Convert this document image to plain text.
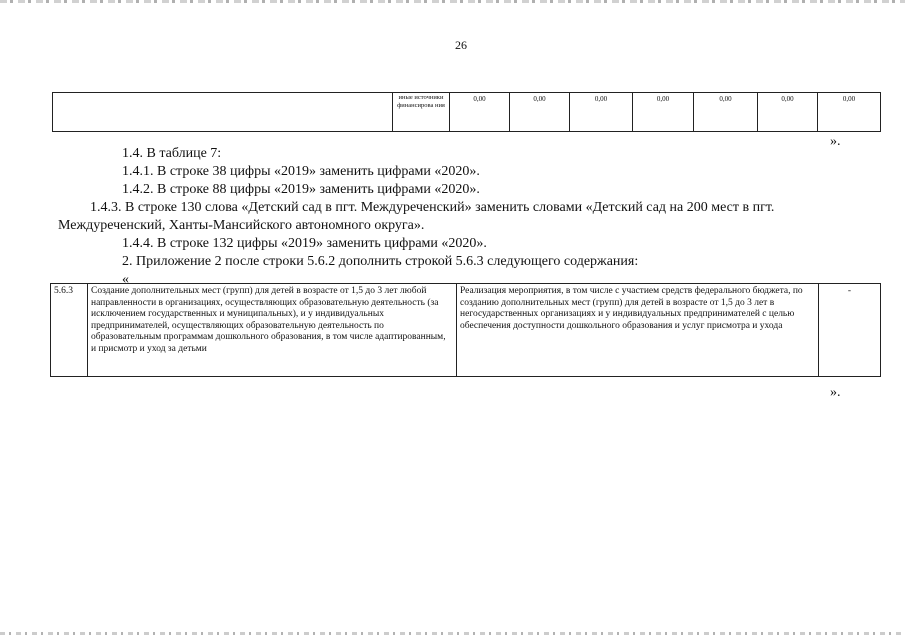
26
	иные источники финансирова ния	0,00	0,00	0,00	0,00	0,00	0,00	0,00
».

1.4. В таблице 7:

1.4.1. В строке 38 цифры «2019» заменить цифрами «2020».

1.4.2. В строке 88 цифры «2019» заменить цифрами «2020».

1.4.3. В строке 130 слова «Детский сад в пгт. Междуреченский» заменить словами «Детский сад на 200 мест в пгт. Междуреченский, Ханты-Мансийского автономного округа».

1.4.4. В строке 132 цифры «2019» заменить цифрами «2020».

2. Приложение 2 после строки 5.6.2 дополнить строкой 5.6.3 следующего содержания:

«

5.6.3	Создание дополнительных мест (групп) для детей в возрасте от 1,5 до 3 лет любой направленности в организациях, осуществляющих образовательную деятельность (за исключением государственных и муниципальных), и у индивидуальных предпринимателей, осуществляющих образовательную деятельность по образовательным программам дошкольного образования, в том числе адаптированным, и присмотр и уход за детьми	Реализация мероприятия, в том числе с участием средств федерального бюджета, по созданию дополнительных мест (групп) для детей в возрасте от 1,5 до 3 лет в негосударственных организациях и у индивидуальных предпринимателей с целью обеспечения доступности дошкольного образования и услуг присмотра и ухода	-
».
